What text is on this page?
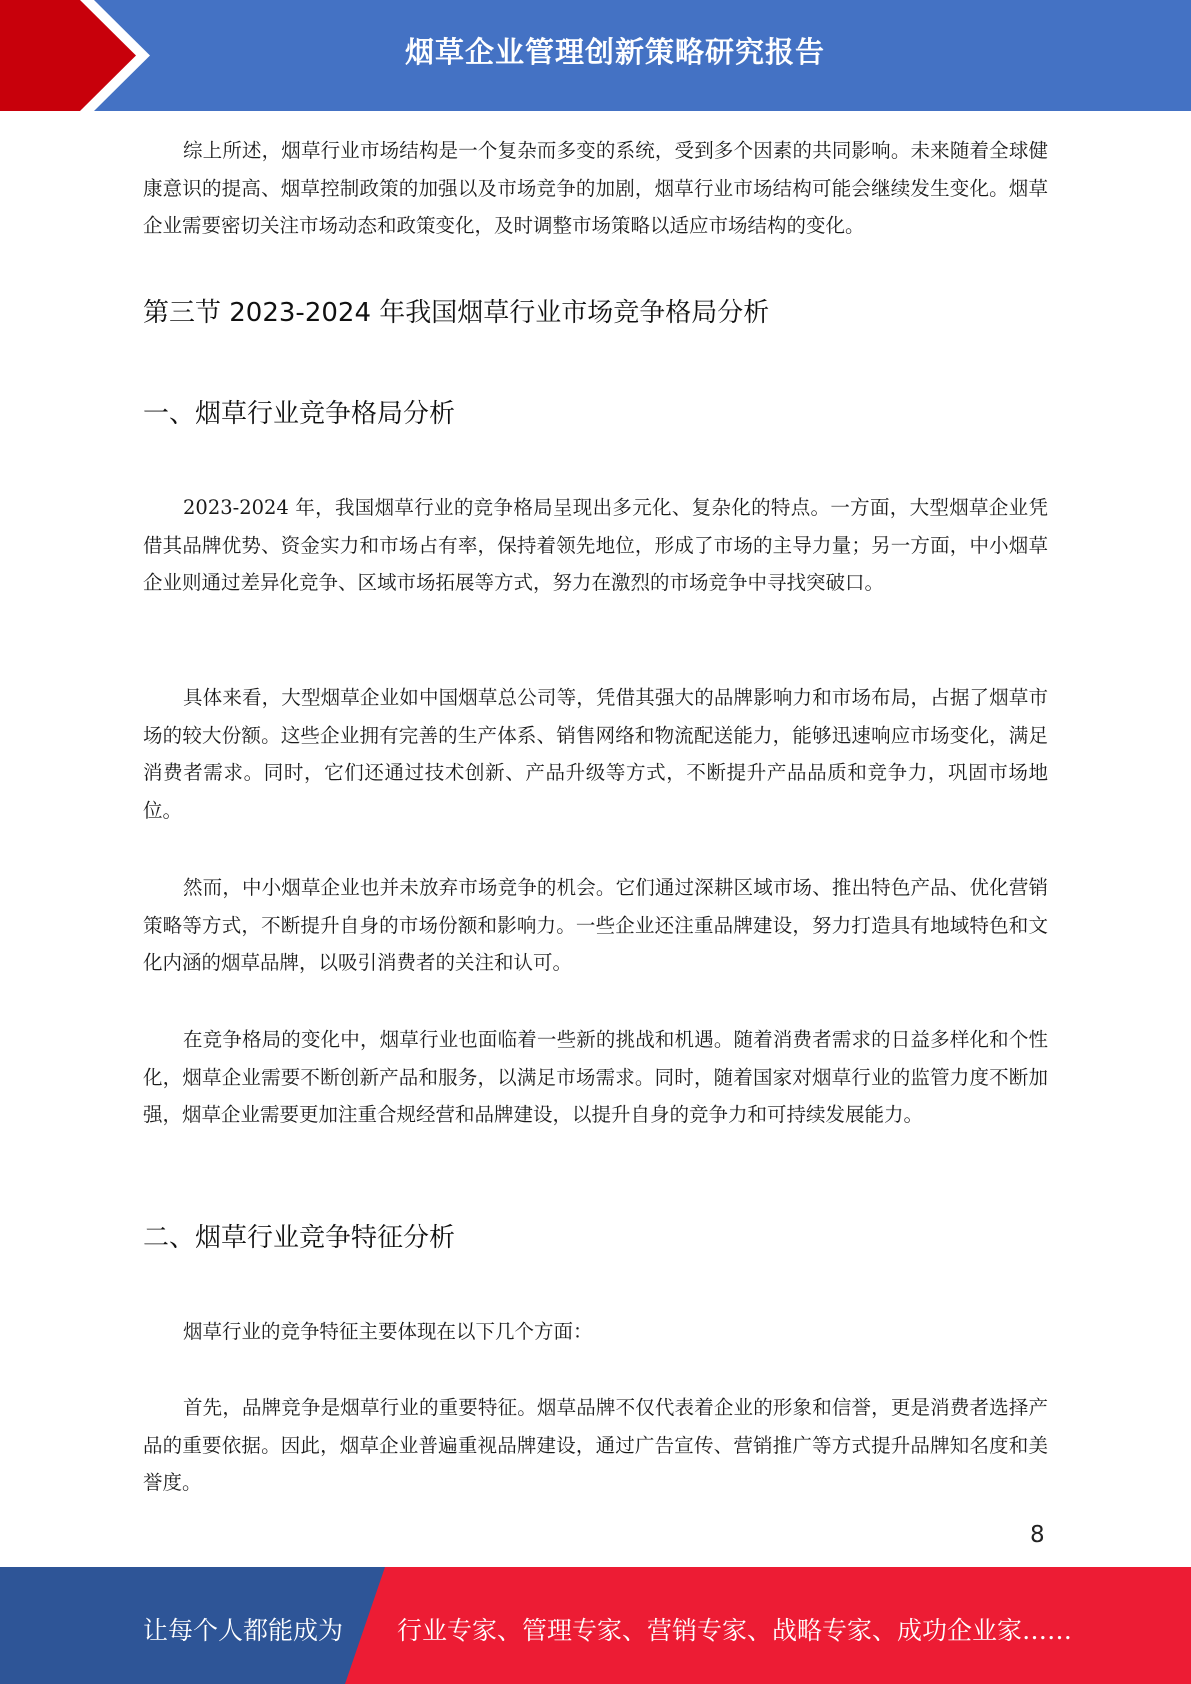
烟草企业管理创新策略研究报告

综上所述，烟草行业市场结构是一个复杂而多变的系统，受到多个因素的共同影响。未来随着全球健康意识的提高、烟草控制政策的加强以及市场竞争的加剧，烟草行业市场结构可能会继续发生变化。烟草企业需要密切关注市场动态和政策变化，及时调整市场策略以适应市场结构的变化。

第三节 2023-2024 年我国烟草行业市场竞争格局分析
一、烟草行业竞争格局分析

2023-2024 年，我国烟草行业的竞争格局呈现出多元化、复杂化的特点。一方面，大型烟草企业凭借其品牌优势、资金实力和市场占有率，保持着领先地位，形成了市场的主导力量；另一方面，中小烟草企业则通过差异化竞争、区域市场拓展等方式，努力在激烈的市场竞争中寻找突破口。

具体来看，大型烟草企业如中国烟草总公司等，凭借其强大的品牌影响力和市场布局，占据了烟草市场的较大份额。这些企业拥有完善的生产体系、销售网络和物流配送能力，能够迅速响应市场变化，满足消费者需求。同时，它们还通过技术创新、产品升级等方式，不断提升产品品质和竞争力，巩固市场地位。

然而，中小烟草企业也并未放弃市场竞争的机会。它们通过深耕区域市场、推出特色产品、优化营销策略等方式，不断提升自身的市场份额和影响力。一些企业还注重品牌建设，努力打造具有地域特色和文化内涵的烟草品牌，以吸引消费者的关注和认可。

在竞争格局的变化中，烟草行业也面临着一些新的挑战和机遇。随着消费者需求的日益多样化和个性化，烟草企业需要不断创新产品和服务，以满足市场需求。同时，随着国家对烟草行业的监管力度不断加强，烟草企业需要更加注重合规经营和品牌建设，以提升自身的竞争力和可持续发展能力。

二、烟草行业竞争特征分析

烟草行业的竞争特征主要体现在以下几个方面：

首先，品牌竞争是烟草行业的重要特征。烟草品牌不仅代表着企业的形象和信誉，更是消费者选择产品的重要依据。因此，烟草企业普遍重视品牌建设，通过广告宣传、营销推广等方式提升品牌知名度和美誉度。

8
让每个人都能成为 行业专家、管理专家、营销专家、战略专家、成功企业家……
